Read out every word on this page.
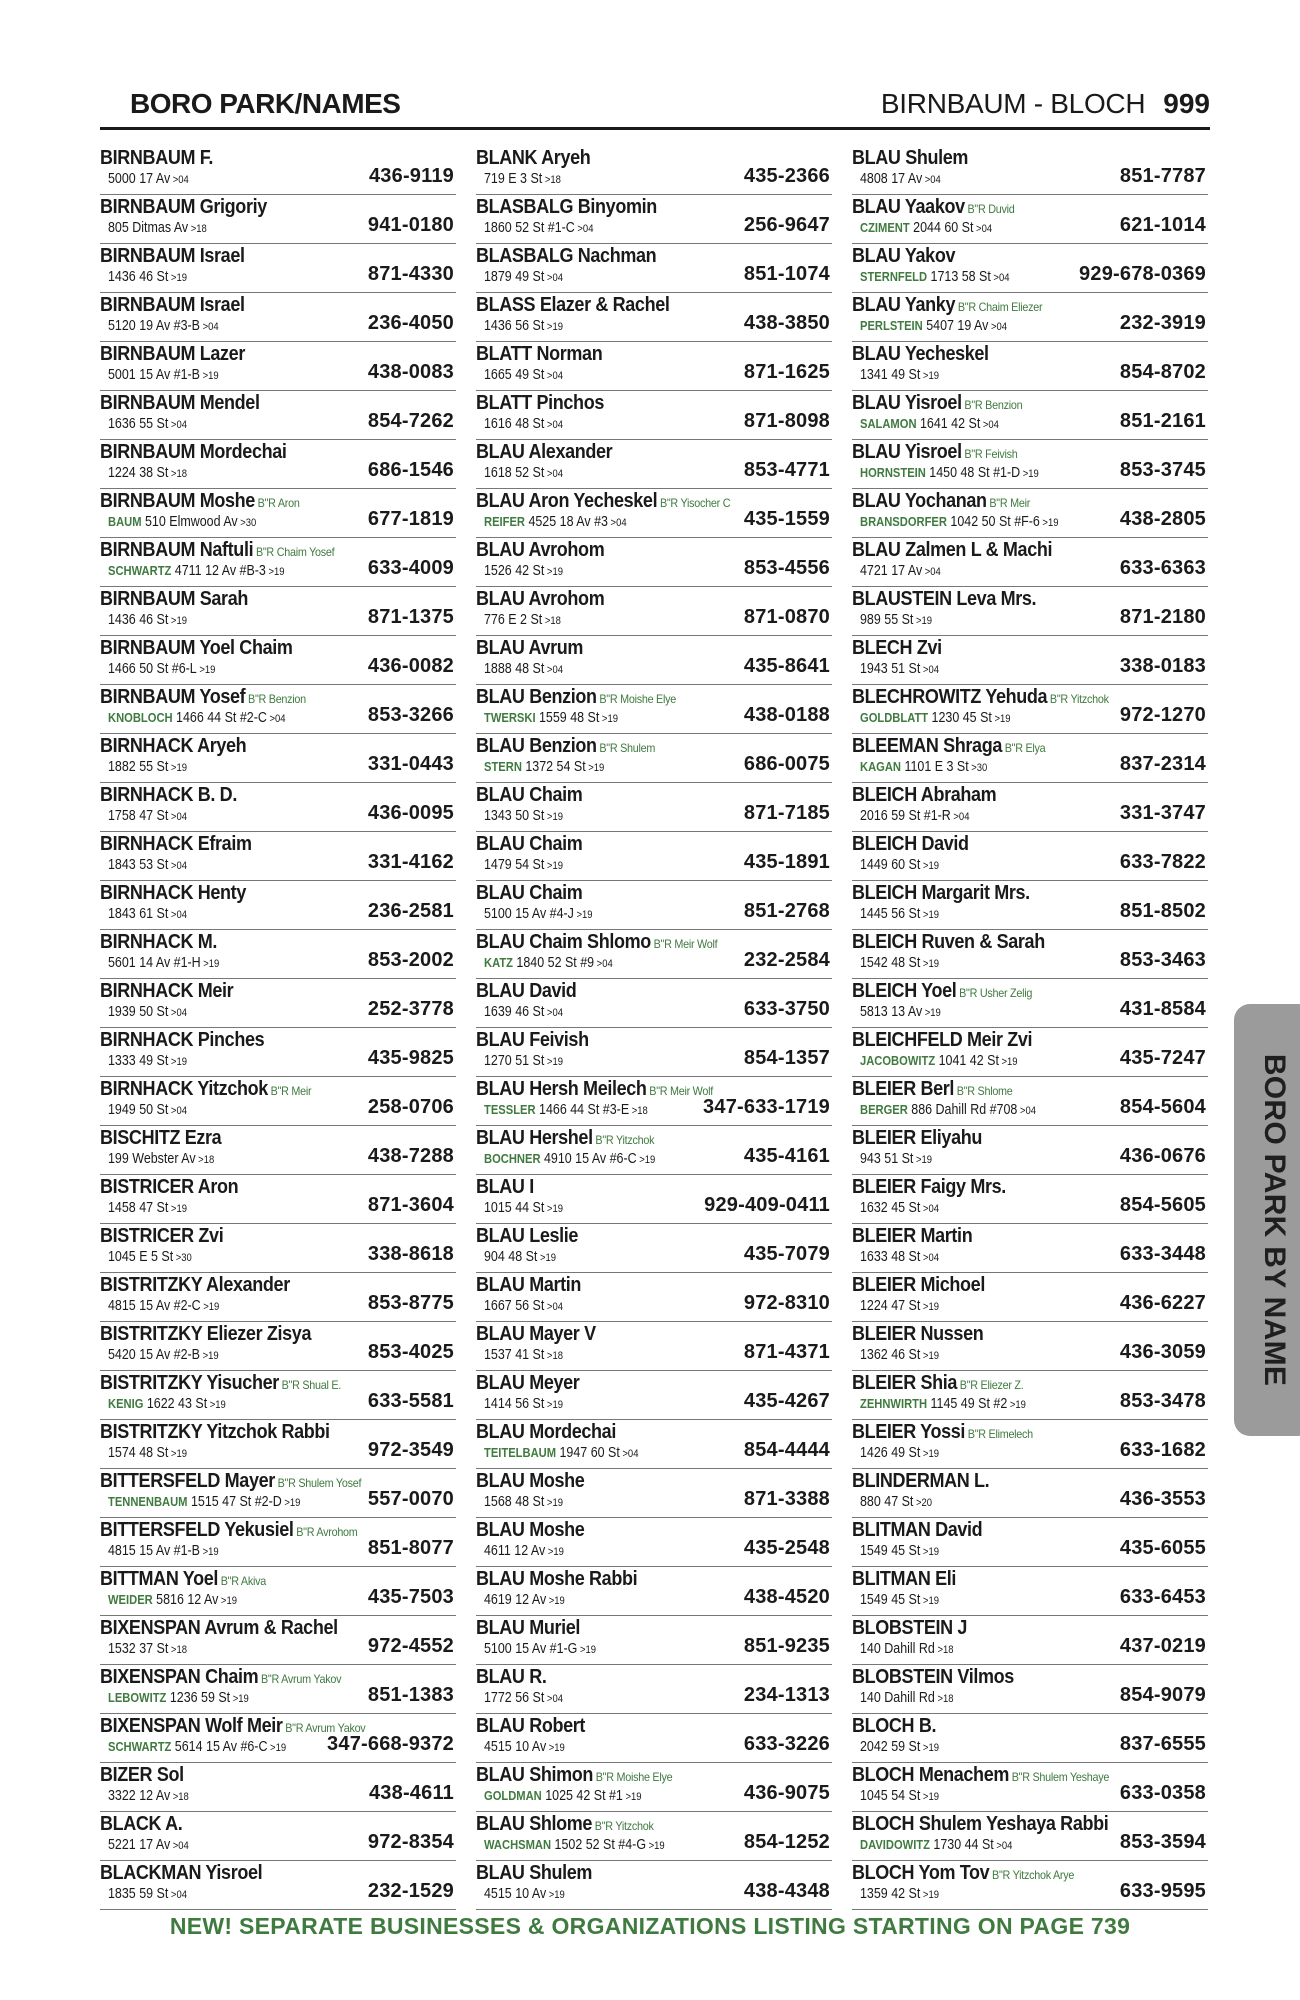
BORO PARK/NAMES	BIRNBAUM - BLOCH 999
BIRNBAUM F.
5000 17 Av >04	436-9119
BIRNBAUM Grigoriy
805 Ditmas Av >18	941-0180
BIRNBAUM Israel
1436 46 St >19	871-4330
BIRNBAUM Israel
5120 19 Av #3-B >04	236-4050
BIRNBAUM Lazer
5001 15 Av #1-B >19	438-0083
BIRNBAUM Mendel
1636 55 St >04	854-7262
BIRNBAUM Mordechai
1224 38 St >18	686-1546
BIRNBAUM Moshe B"R Aron
BAUM 510 Elmwood Av >30	677-1819
BIRNBAUM Naftuli B"R Chaim Yosef
SCHWARTZ 4711 12 Av #B-3 >19	633-4009
BIRNBAUM Sarah
1436 46 St >19	871-1375
BIRNBAUM Yoel Chaim
1466 50 St #6-L >19	436-0082
BIRNBAUM Yosef B"R Benzion
KNOBLOCH 1466 44 St #2-C >04	853-3266
BIRNHACK Aryeh
1882 55 St >19	331-0443
BIRNHACK B. D.
1758 47 St >04	436-0095
BIRNHACK Efraim
1843 53 St >04	331-4162
BIRNHACK Henty
1843 61 St >04	236-2581
BIRNHACK M.
5601 14 Av #1-H >19	853-2002
BIRNHACK Meir
1939 50 St >04	252-3778
BIRNHACK Pinches
1333 49 St >19	435-9825
BIRNHACK Yitzchok B"R Meir
1949 50 St >04	258-0706
BISCHITZ Ezra
199 Webster Av >18	438-7288
BISTRICER Aron
1458 47 St >19	871-3604
BISTRICER Zvi
1045 E 5 St >30	338-8618
BISTRITZKY Alexander
4815 15 Av #2-C >19	853-8775
BISTRITZKY Eliezer Zisya
5420 15 Av #2-B >19	853-4025
BISTRITZKY Yisucher B"R Shual E.
KENIG 1622 43 St >19	633-5581
BISTRITZKY Yitzchok Rabbi
1574 48 St >19	972-3549
BITTERSFELD Mayer B"R Shulem Yosef
TENNENBAUM 1515 47 St #2-D >19	557-0070
BITTERSFELD Yekusiel B"R Avrohom
4815 15 Av #1-B >19	851-8077
BITTMAN Yoel B"R Akiva
WEIDER 5816 12 Av >19	435-7503
BIXENSPAN Avrum & Rachel
1532 37 St >18	972-4552
BIXENSPAN Chaim B"R Avrum Yakov
LEBOWITZ 1236 59 St >19	851-1383
BIXENSPAN Wolf Meir B"R Avrum Yakov
SCHWARTZ 5614 15 Av #6-C >19 347-668-9372
BIZER Sol
3322 12 Av >18	438-4611
BLACK A.
5221 17 Av >04	972-8354
BLACKMAN Yisroel
1835 59 St >04	232-1529
BLANK Aryeh
719 E 3 St >18	435-2366
BLASBALG Binyomin
1860 52 St #1-C >04	256-9647
BLASBALG Nachman
1879 49 St >04	851-1074
BLASS Elazer & Rachel
1436 56 St >19	438-3850
BLATT Norman
1665 49 St >04	871-1625
BLATT Pinchos
1616 48 St >04	871-8098
BLAU Alexander
1618 52 St >04	853-4771
BLAU Aron Yecheskel B"R Yisocher C
REIFER 4525 18 Av #3 >04	435-1559
BLAU Avrohom
1526 42 St >19	853-4556
BLAU Avrohom
776 E 2 St >18	871-0870
BLAU Avrum
1888 48 St >04	435-8641
BLAU Benzion B"R Moishe Elye
TWERSKI 1559 48 St >19	438-0188
BLAU Benzion B"R Shulem
STERN 1372 54 St >19	686-0075
BLAU Chaim
1343 50 St >19	871-7185
BLAU Chaim
1479 54 St >19	435-1891
BLAU Chaim
5100 15 Av #4-J >19	851-2768
BLAU Chaim Shlomo B"R Meir Wolf
KATZ 1840 52 St #9 >04	232-2584
BLAU David
1639 46 St >04	633-3750
BLAU Feivish
1270 51 St >19	854-1357
BLAU Hersh Meilech B"R Meir Wolf
TESSLER 1466 44 St #3-E >18	347-633-1719
BLAU Hershel B"R Yitzchok
BOCHNER 4910 15 Av #6-C >19	435-4161
BLAU I
1015 44 St >19	929-409-0411
BLAU Leslie
904 48 St >19	435-7079
BLAU Martin
1667 56 St >04	972-8310
BLAU Mayer V
1537 41 St >18	871-4371
BLAU Meyer
1414 56 St >19	435-4267
BLAU Mordechai
TEITELBAUM 1947 60 St >04	854-4444
BLAU Moshe
1568 48 St >19	871-3388
BLAU Moshe
4611 12 Av >19	435-2548
BLAU Moshe Rabbi
4619 12 Av >19	438-4520
BLAU Muriel
5100 15 Av #1-G >19	851-9235
BLAU R.
1772 56 St >04	234-1313
BLAU Robert
4515 10 Av >19	633-3226
BLAU Shimon B"R Moishe Elye
GOLDMAN 1025 42 St #1 >19	436-9075
BLAU Shlome B"R Yitzchok
WACHSMAN 1502 52 St #4-G >19	854-1252
BLAU Shulem
4515 10 Av >19	438-4348
BLAU Shulem
4808 17 Av >04	851-7787
BLAU Yaakov B"R Duvid
CZIMENT 2044 60 St >04	621-1014
BLAU Yakov
STERNFELD 1713 58 St >04	929-678-0369
BLAU Yanky B"R Chaim Eliezer
PERLSTEIN 5407 19 Av >04	232-3919
BLAU Yecheskel
1341 49 St >19	854-8702
BLAU Yisroel B"R Benzion
SALAMON 1641 42 St >04	851-2161
BLAU Yisroel B"R Feivish
HORNSTEIN 1450 48 St #1-D >19	853-3745
BLAU Yochanan B"R Meir
BRANSDORFER 1042 50 St #F-6 >19	438-2805
BLAU Zalmen L & Machi
4721 17 Av >04	633-6363
BLAUSTEIN Leva Mrs.
989 55 St >19	871-2180
BLECH Zvi
1943 51 St >04	338-0183
BLECHROWITZ Yehuda B"R Yitzchok
GOLDBLATT 1230 45 St >19	972-1270
BLEEMAN Shraga B"R Elya
KAGAN 1101 E 3 St >30	837-2314
BLEICH Abraham
2016 59 St #1-R >04	331-3747
BLEICH David
1449 60 St >19	633-7822
BLEICH Margarit Mrs.
1445 56 St >19	851-8502
BLEICH Ruven & Sarah
1542 48 St >19	853-3463
BLEICH Yoel B"R Usher Zelig
5813 13 Av >19	431-8584
BLEICHFELD Meir Zvi
JACOBOWITZ 1041 42 St >19	435-7247
BLEIER Berl B"R Shlome
BERGER 886 Dahill Rd #708 >04	854-5604
BLEIER Eliyahu
943 51 St >19	436-0676
BLEIER Faigy Mrs.
1632 45 St >04	854-5605
BLEIER Martin
1633 48 St >04	633-3448
BLEIER Michoel
1224 47 St >19	436-6227
BLEIER Nussen
1362 46 St >19	436-3059
BLEIER Shia B"R Eliezer Z.
ZEHNWIRTH 1145 49 St #2 >19	853-3478
BLEIER Yossi B"R Elimelech
1426 49 St >19	633-1682
BLINDERMAN L.
880 47 St >20	436-3553
BLITMAN David
1549 45 St >19	435-6055
BLITMAN Eli
1549 45 St >19	633-6453
BLOBSTEIN J
140 Dahill Rd >18	437-0219
BLOBSTEIN Vilmos
140 Dahill Rd >18	854-9079
BLOCH B.
2042 59 St >19	837-6555
BLOCH Menachem B"R Shulem Yeshaye
1045 54 St >19	633-0358
BLOCH Shulem Yeshaya Rabbi
DAVIDOWITZ 1730 44 St >04	853-3594
BLOCH Yom Tov B"R Yitzchok Arye
1359 42 St >19	633-9595
BORO PARK BY NAME
NEW! SEPARATE BUSINESSES & ORGANIZATIONS LISTING STARTING ON PAGE 739
